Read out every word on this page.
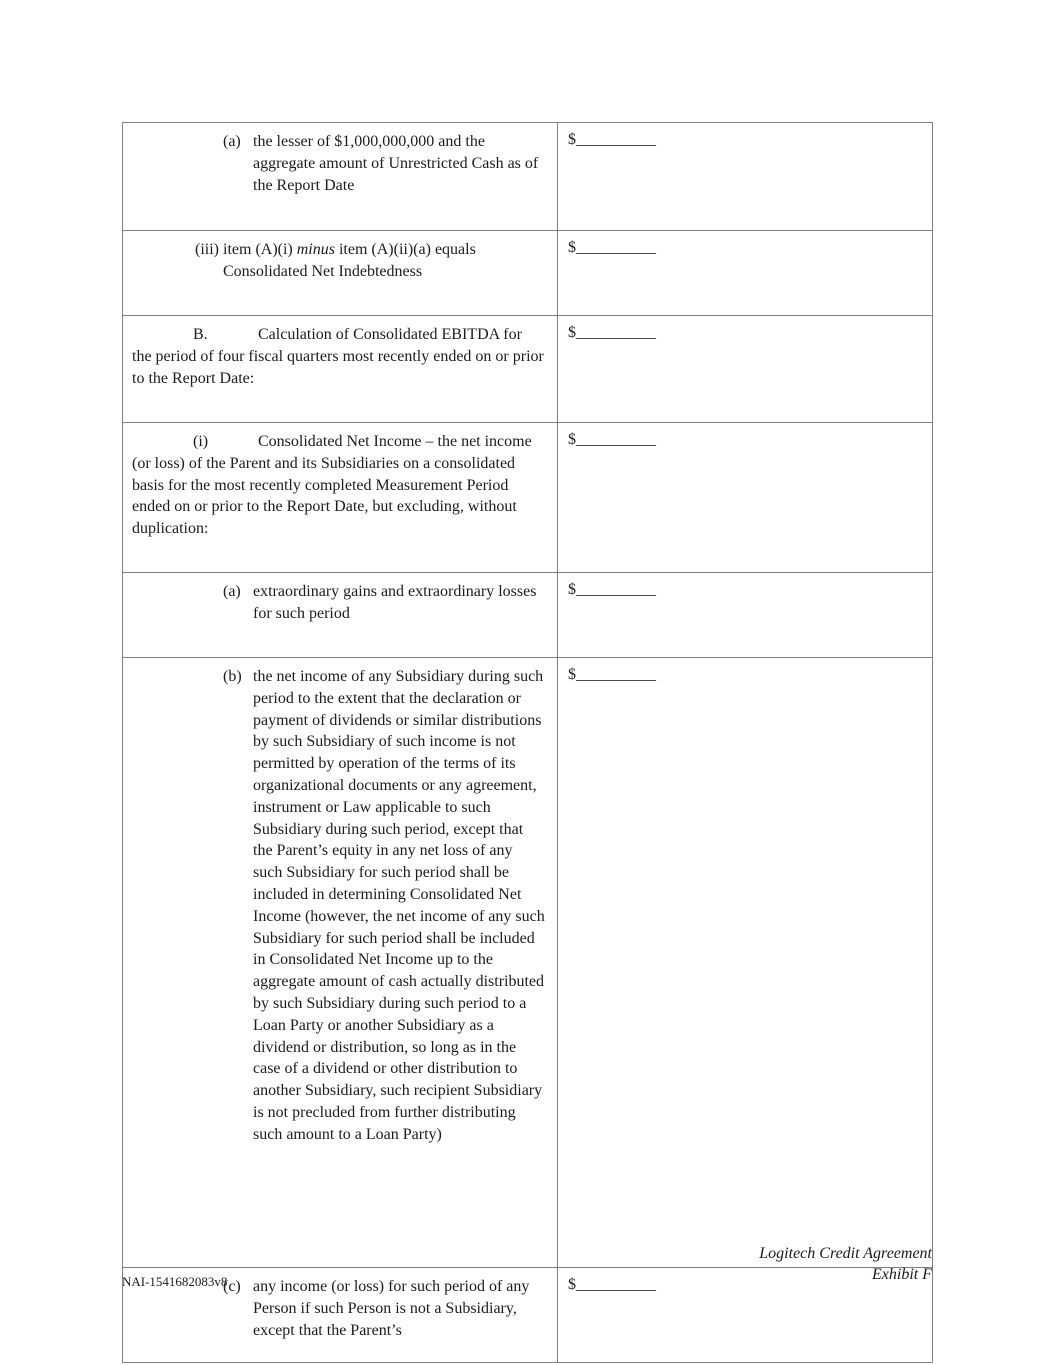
(a) the lesser of $1,000,000,000 and the aggregate amount of Unrestricted Cash as of the Report Date	$__________

(iii) item (A)(i) minus item (A)(ii)(a) equals Consolidated Net Indebtedness	$__________

B. Calculation of Consolidated EBITDA for the period of four fiscal quarters most recently ended on or prior to the Report Date:	$__________

(i) Consolidated Net Income – the net income (or loss) of the Parent and its Subsidiaries on a consolidated basis for the most recently completed Measurement Period ended on or prior to the Report Date, but excluding, without duplication:	$__________

(a) extraordinary gains and extraordinary losses for such period	$__________

(b) the net income of any Subsidiary during such period to the extent that the declaration or payment of dividends or similar distributions by such Subsidiary of such income is not permitted by operation of the terms of its organizational documents or any agreement, instrument or Law applicable to such Subsidiary during such period, except that the Parent’s equity in any net loss of any such Subsidiary for such period shall be included in determining Consolidated Net Income (however, the net income of any such Subsidiary for such period shall be included in Consolidated Net Income up to the aggregate amount of cash actually distributed by such Subsidiary during such period to a Loan Party or another Subsidiary as a dividend or distribution, so long as in the case of a dividend or other distribution to another Subsidiary, such recipient Subsidiary is not precluded from further distributing such amount to a Loan Party)	$__________

(c) any income (or loss) for such period of any Person if such Person is not a Subsidiary, except that the Parent’s	$__________
Logitech Credit Agreement
Exhibit F
NAI-1541682083v8
